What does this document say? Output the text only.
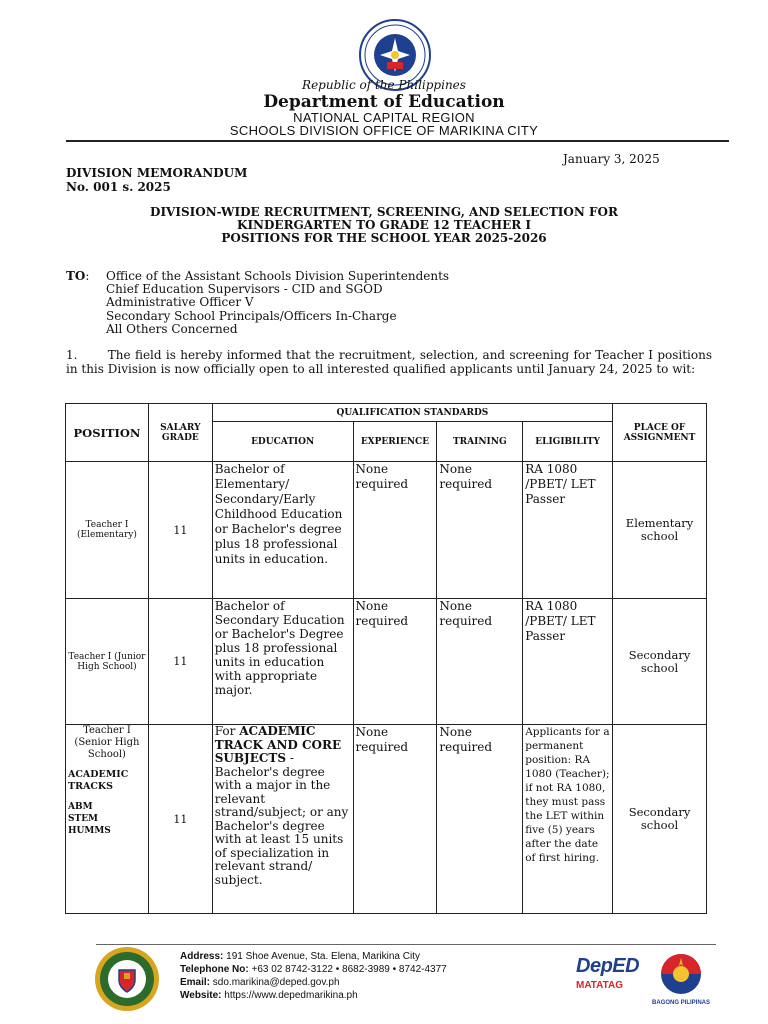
Republic of the Philippines
Department of Education
NATIONAL CAPITAL REGION
SCHOOLS DIVISION OFFICE OF MARIKINA CITY
January 3, 2025
DIVISION MEMORANDUM
No. 001 s. 2025
DIVISION-WIDE RECRUITMENT, SCREENING, AND SELECTION FOR
KINDERGARTEN TO GRADE 12 TEACHER I
POSITIONS FOR THE SCHOOL YEAR 2025-2026
TO: Office of the Assistant Schools Division Superintendents
Chief Education Supervisors - CID and SGOD
Administrative Officer V
Secondary School Principals/Officers In-Charge
All Others Concerned
1.       The field is hereby informed that the recruitment, selection, and screening for Teacher I positions in this Division is now officially open to all interested qualified applicants until January 24, 2025 to wit:
POSITION	SALARY GRADE	QUALIFICATION STANDARDS				PLACE OF ASSIGNMENT
		EDUCATION	EXPERIENCE	TRAINING	ELIGIBILITY	
Teacher I (Elementary)	11	Bachelor of Elementary/ Secondary/Early Childhood Education or Bachelor's degree plus 18 professional units in education.	None required	None required	RA 1080 /PBET/ LET Passer	Elementary school
Teacher I (Junior High School)	11	Bachelor of Secondary Education or Bachelor's Degree plus 18 professional units in education with appropriate major.	None required	None required	RA 1080 /PBET/ LET Passer	Secondary school

Teacher I (Senior High School)
ACADEMIC TRACKS
ABM
STEM
HUMMS	11	For ACADEMIC TRACK AND CORE SUBJECTS - Bachelor's degree with a major in the relevant strand/subject; or any Bachelor's degree with at least 15 units of specialization in relevant strand/ subject.	None required	None required	Applicants for a permanent position: RA 1080 (Teacher); if not RA 1080, they must pass the LET within five (5) years after the date of first hiring.	Secondary school
Address: 191 Shoe Avenue, Sta. Elena, Marikina City
Telephone No: +63 02 8742-3122 • 8682-3989 • 8742-4377
Email: sdo.marikina@deped.gov.ph
Website: https://www.depedmarikina.ph
DepED
MATATAG
BAGONG PILIPINAS
